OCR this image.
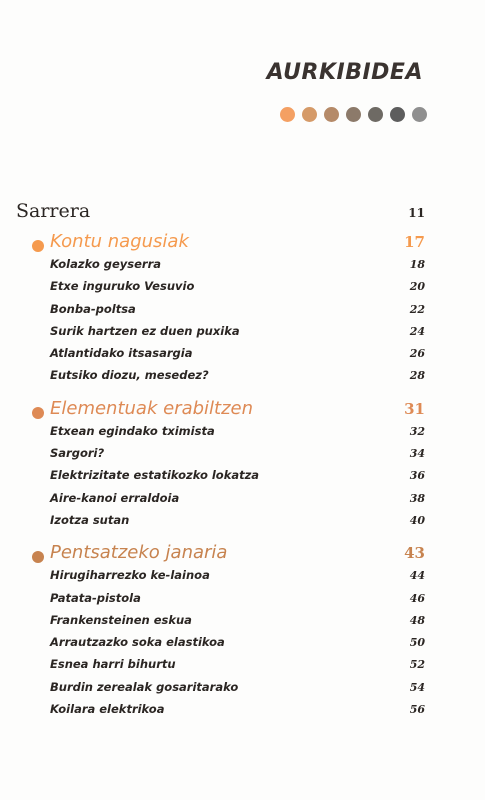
AURKIBIDEA
Sarrera	11
Kontu nagusiak	17
Kolazko geyserra	18
Etxe inguruko Vesuvio	20
Bonba-poltsa	22
Surik hartzen ez duen puxika	24
Atlantidako itsasargia	26
Eutsiko diozu, mesedez?	28
Elementuak erabiltzen	31
Etxean egindako tximista	32
Sargori?	34
Elektrizitate estatikozko lokatza	36
Aire-kanoi erraldoia	38
Izotza sutan	40
Pentsatzeko janaria	43
Hirugiharrezko ke-lainoa	44
Patata-pistola	46
Frankensteinen eskua	48
Arrautzazko soka elastikoa	50
Esnea harri bihurtu	52
Burdin zerealak gosaritarako	54
Koilara elektrikoa	56
